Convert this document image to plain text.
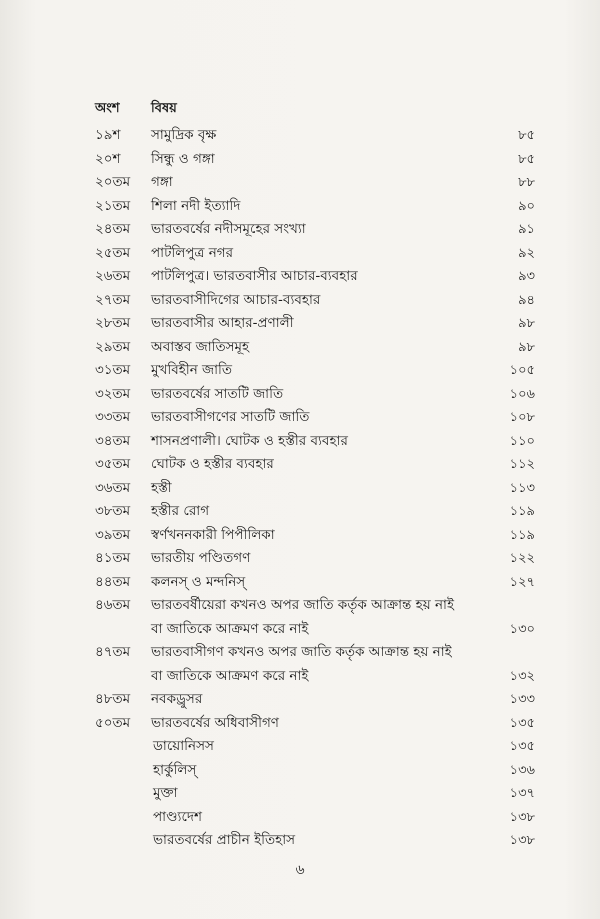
অংশ বিষয়
১৯শ সামুদ্রিক বৃক্ষ	৮৫
২০শ সিন্ধু ও গঙ্গা	৮৫
২০তম গঙ্গা	৮৮
২১তম শিলা নদী ইত্যাদি	৯০
২৪তম ভারতবর্ষের নদীসমূহের সংখ্যা	৯১
২৫তম পাটলিপুত্র নগর	৯২
২৬তম পাটলিপুত্র। ভারতবাসীর আচার-ব্যবহার	৯৩
২৭তম ভারতবাসীদিগের আচার-ব্যবহার	৯৪
২৮তম ভারতবাসীর আহার-প্রণালী	৯৮
২৯তম অবাস্তব জাতিসমূহ	৯৮
৩১তম মুখবিহীন জাতি	১০৫
৩২তম ভারতবর্ষের সাতটি জাতি	১০৬
৩৩তম ভারতবাসীগণের সাতটি জাতি	১০৮
৩৪তম শাসনপ্রণালী। ঘোটক ও হস্তীর ব্যবহার	১১০
৩৫তম ঘোটক ও হস্তীর ব্যবহার	১১২
৩৬তম হস্তী	১১৩
৩৮তম হস্তীর রোগ	১১৯
৩৯তম স্বর্ণখননকারী পিপীলিকা	১১৯
৪১তম ভারতীয় পণ্ডিতগণ	১২২
৪৪তম কলনস্ ও মন্দনিস্	১২৭
৪৬তম ভারতবর্ষীয়েরা কখনও অপর জাতি কর্তৃক আক্রান্ত হয় নাই
বা জাতিকে আক্রমণ করে নাই	১৩০
৪৭তম ভারতবাসীগণ কখনও অপর জাতি কর্তৃক আক্রান্ত হয় নাই
বা জাতিকে আক্রমণ করে নাই	১৩২
৪৮তম নবকড্রুসর	১৩৩
৫০তম ভারতবর্ষের অধিবাসীগণ	১৩৫
ডায়োনিসস	১৩৫
হার্কুলিস্	১৩৬
মুক্তা	১৩৭
পাণ্ড্যদেশ	১৩৮
ভারতবর্ষের প্রাচীন ইতিহাস	১৩৮
৬
